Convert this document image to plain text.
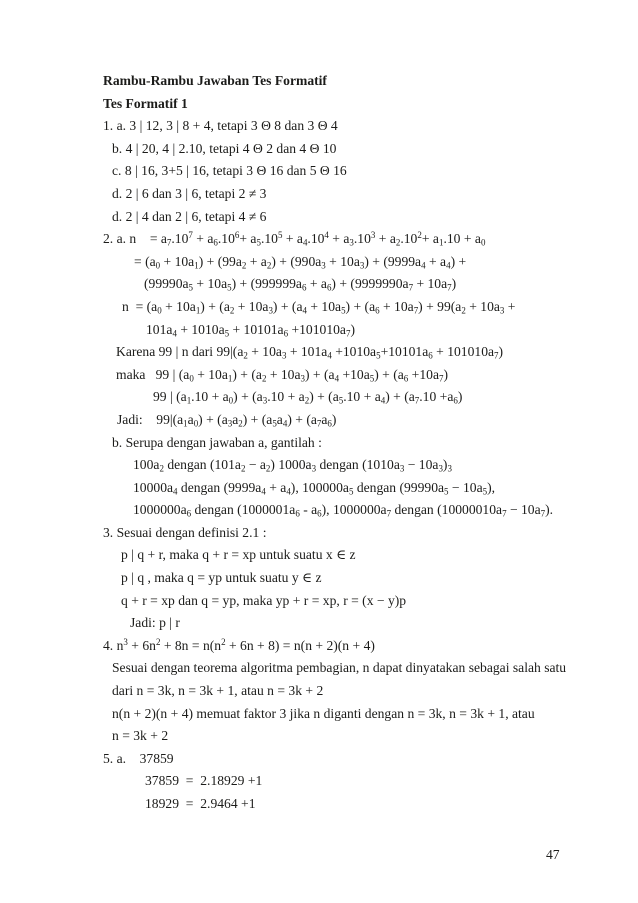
Rambu-Rambu Jawaban Tes Formatif
Tes Formatif 1
1. a. 3 | 12, 3 | 8 + 4, tetapi 3 Θ 8 dan 3 Θ 4
b. 4 | 20, 4 | 2.10, tetapi 4 Θ 2 dan 4 Θ 10
c. 8 | 16, 3+5 | 16, tetapi 3 Θ 16 dan 5 Θ 16
d. 2 | 6 dan 3 | 6, tetapi 2 ≠ 3
d. 2 | 4 dan 2 | 6, tetapi 4 ≠ 6
2. a. n    = $a_7.10^7 + a_6.10^6+ a_5.10^5 + a_4.10^4 + a_3.10^3 + a_2.10^2+ a_1.10 + a_0$
= $(a_0 + 10a_1) + (99a_2 + a_2) + (990a_3 + 10a_3) + (9999a_4 + a_4)$ +
$(99990a_5 + 10a_5) + (999999a_6 + a_6) + (9999990a_7 + 10a_7)$
$n = (a_0 + 10a_1) + (a_2 + 10a_3) + (a_4 + 10a_5) + (a_6 + 10a_7) + 99(a_2 + 10a_3$ +
$101a_4 + 1010a_5 + 10101a_6 +101010a_7$)
Karena 99 | n dari $99|(a_2 + 10a_3 + 101a_4 +1010a_5+10101a_6 + 101010a_7)$
maka   99 | $(a_0 + 10a_1) + (a_2 + 10a_3) + (a_4 +10a_5) + (a_6 +10a_7)$
99 | $(a_1.10 + a_0) + (a_3.10 + a_2) + (a_5.10 + a_4) + (a_7.10 +a_6)$
Jadi:    $99|(a_1a_0) + (a_3a_2) + (a_5a_4) + (a_7a_6)$
b. Serupa dengan jawaban a, gantilah :
$100a_2$ dengan $(101a_2 - a_2)$ $1000a_3$ dengan $(1010a_3 - 10a_3)_3$
$10000a_4$ dengan $(9999a_4 + a_4)$, $100000a_5$ dengan $(99990a_5 - 10a_5)$,
$1000000a_6$ dengan $(1000001a_6 - a_6)$, $1000000a_7$ dengan $(10000010a_7 - 10a_7)$.
3. Sesuai dengan definisi 2.1 :
p | q + r, maka q + r = xp untuk suatu x ∈ z
p | q , maka q = yp untuk suatu y ∈ z
q + r = xp dan q = yp, maka yp + r = xp, r = (x − y)p
Jadi: p | r
4. $n^3 + 6n^2 + 8n = n(n^2 + 6n + 8) = n(n + 2)(n + 4)$
Sesuai dengan teorema algoritma pembagian, n dapat dinyatakan sebagai salah satu
dari n = 3k, n = 3k + 1, atau n = 3k + 2
n(n + 2)(n + 4) memuat faktor 3 jika n diganti dengan n = 3k, n = 3k + 1, atau
n = 3k + 2
5. a.    37859
37859  =  2.18929 +1
18929  =  2.9464 +1
47
